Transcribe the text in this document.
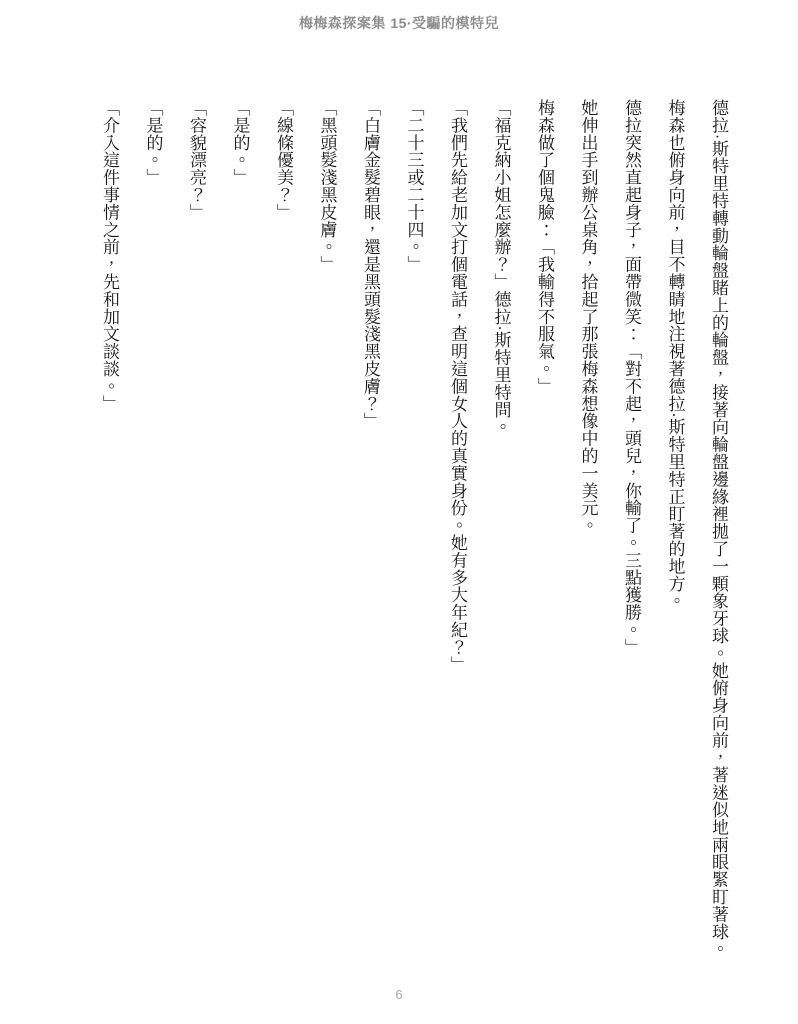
梅梅森探案集 15·受騙的模特兒

德拉·斯特里特轉動輪盤賭上的輪盤，接著向輪盤邊緣裡拋了一顆象牙球。她俯身向前，著迷似地兩眼緊盯著球。

梅森也俯身向前，目不轉睛地注視著德拉·斯特里特正盯著的地方。

德拉突然直起身子，面帶微笑：「對不起，頭兒，你輸了。三點獲勝。」

她伸出手到辦公桌角，拾起了那張梅森想像中的一美元。

梅森做了個鬼臉：「我輸得不服氣。」

「福克納小姐怎麼辦？」德拉·斯特里特問。

「我們先給老加文打個電話，查明這個女人的真實身份。她有多大年紀？」

「二十三或二十四。」

「白膚金髮碧眼，還是黑頭髮淺黑皮膚？」

「黑頭髮淺黑皮膚。」

「線條優美？」

「是的。」

「容貌漂亮？」

「是的。」

「介入這件事情之前，先和加文談談。」

6
